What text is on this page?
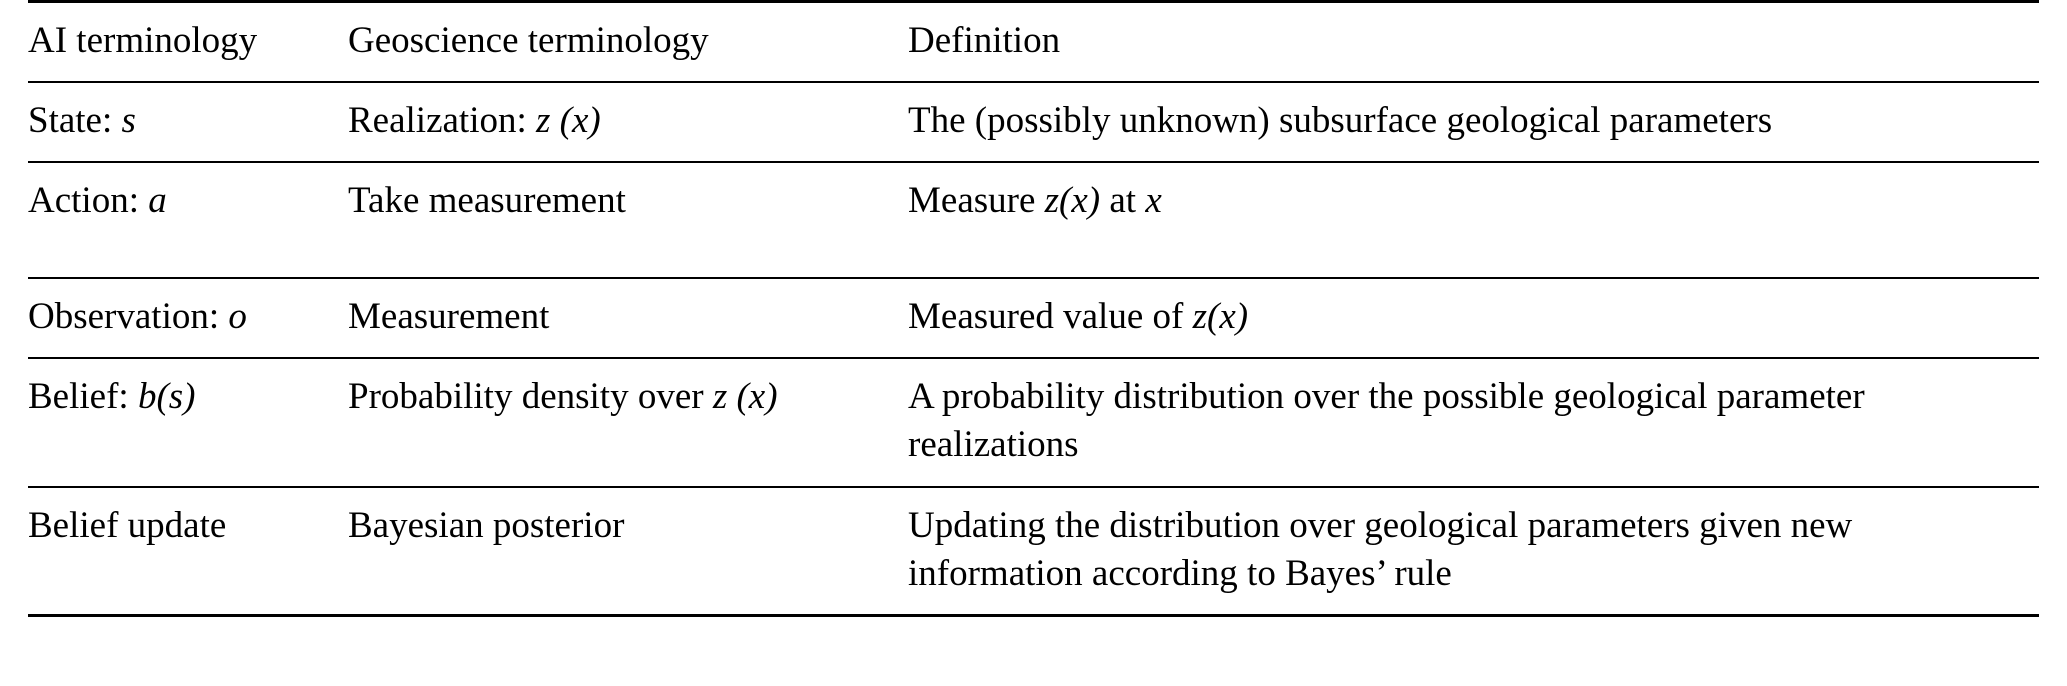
AI terminology	Geoscience terminology	Definition
State: s	Realization: z (x)	The (possibly unknown) subsurface geological parameters

Action: a	Take measurement	Measure z(x) at x

Observation: o	Measurement	Measured value of z(x)

Belief: b(s)	Probability density over z (x)	A probability distribution over the possible geological parameter realizations

Belief update	Bayesian posterior	Updating the distribution over geological parameters given new information according to Bayes’ rule
